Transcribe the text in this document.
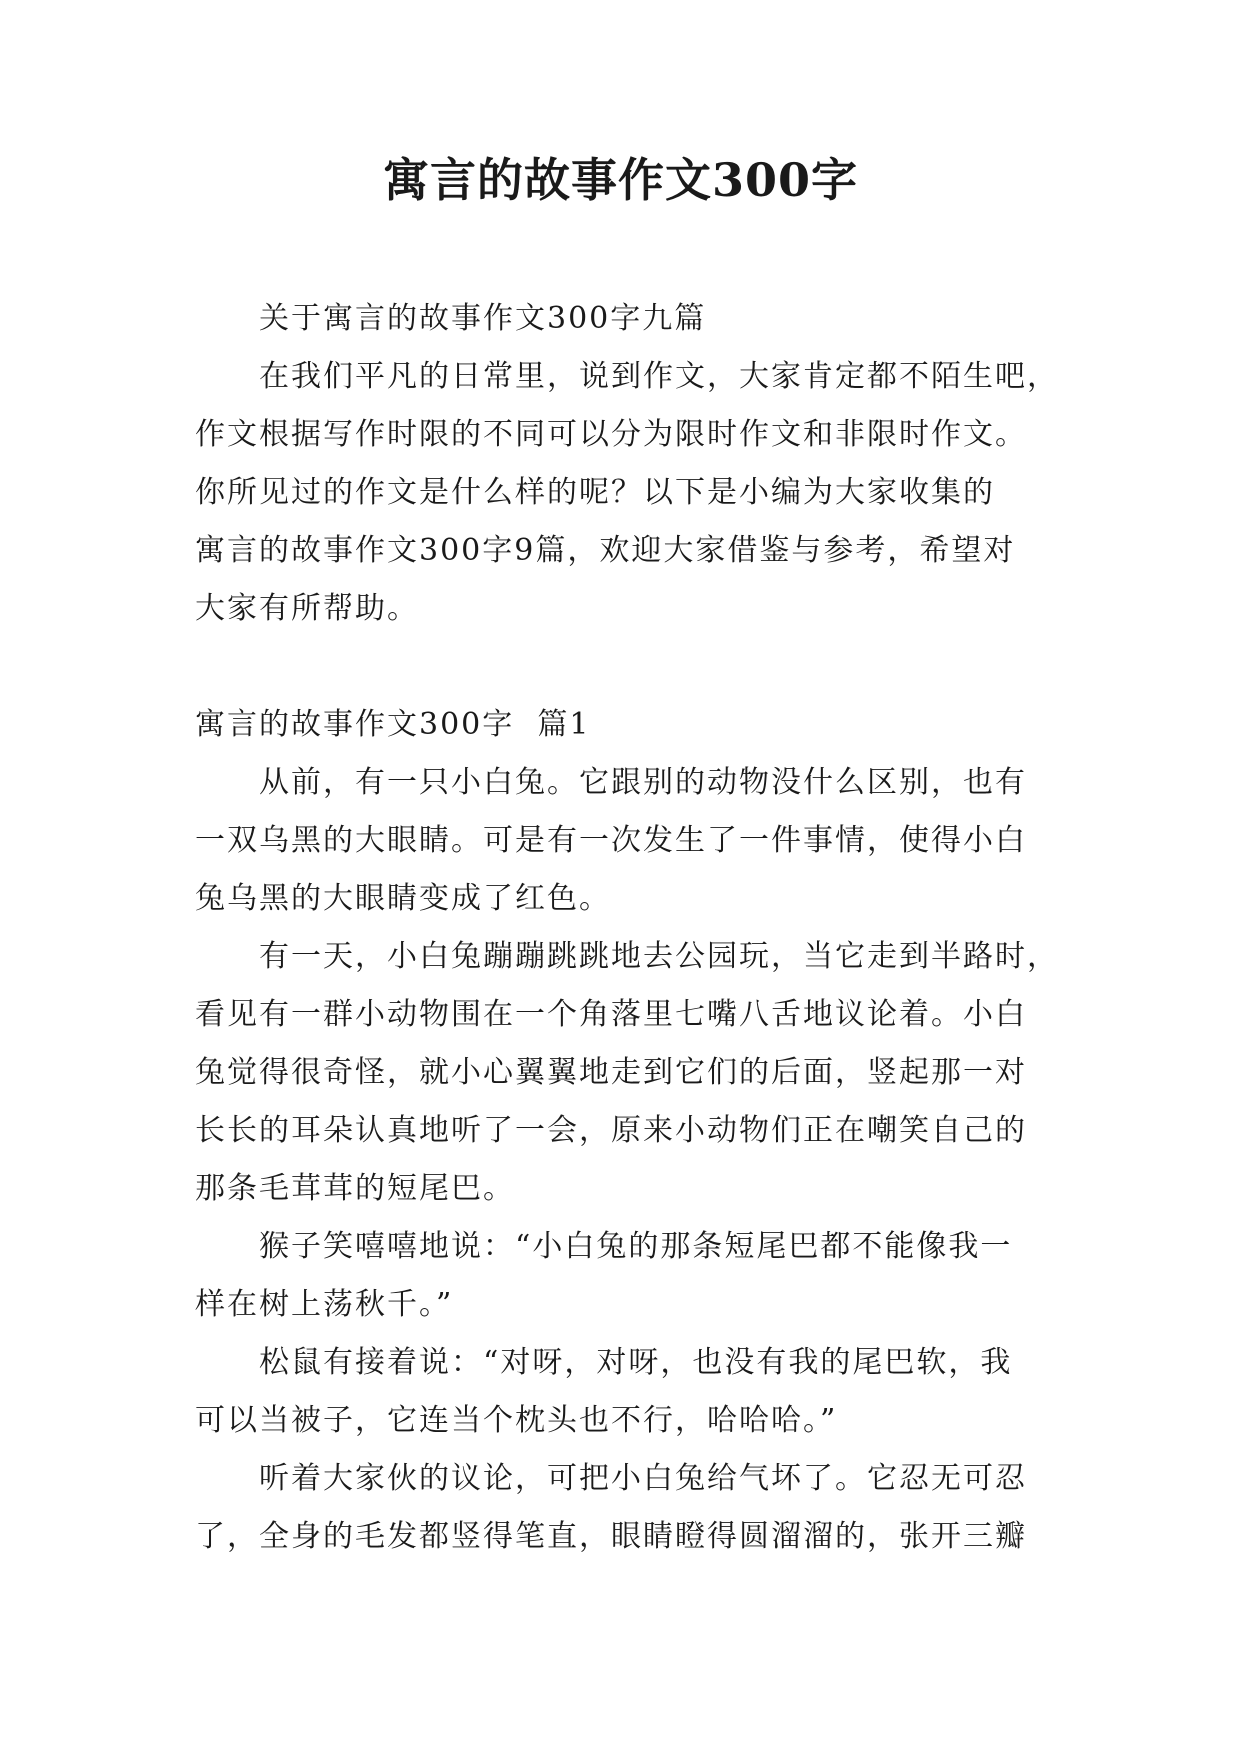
寓言的故事作文300字
关于寓言的故事作文300字九篇
在我们平凡的日常里，说到作文，大家肯定都不陌生吧，
作文根据写作时限的不同可以分为限时作文和非限时作文。
你所见过的作文是什么样的呢？以下是小编为大家收集的
寓言的故事作文300字9篇，欢迎大家借鉴与参考，希望对
大家有所帮助。
寓言的故事作文300字  篇1
从前，有一只小白兔。它跟别的动物没什么区别，也有
一双乌黑的大眼睛。可是有一次发生了一件事情，使得小白
兔乌黑的大眼睛变成了红色。
有一天，小白兔蹦蹦跳跳地去公园玩，当它走到半路时，
看见有一群小动物围在一个角落里七嘴八舌地议论着。小白
兔觉得很奇怪，就小心翼翼地走到它们的后面，竖起那一对
长长的耳朵认真地听了一会，原来小动物们正在嘲笑自己的
那条毛茸茸的短尾巴。
猴子笑嘻嘻地说：“小白兔的那条短尾巴都不能像我一
样在树上荡秋千。”
松鼠有接着说：“对呀，对呀，也没有我的尾巴软，我
可以当被子，它连当个枕头也不行，哈哈哈。”
听着大家伙的议论，可把小白兔给气坏了。它忍无可忍
了，全身的毛发都竖得笔直，眼睛瞪得圆溜溜的，张开三瓣
